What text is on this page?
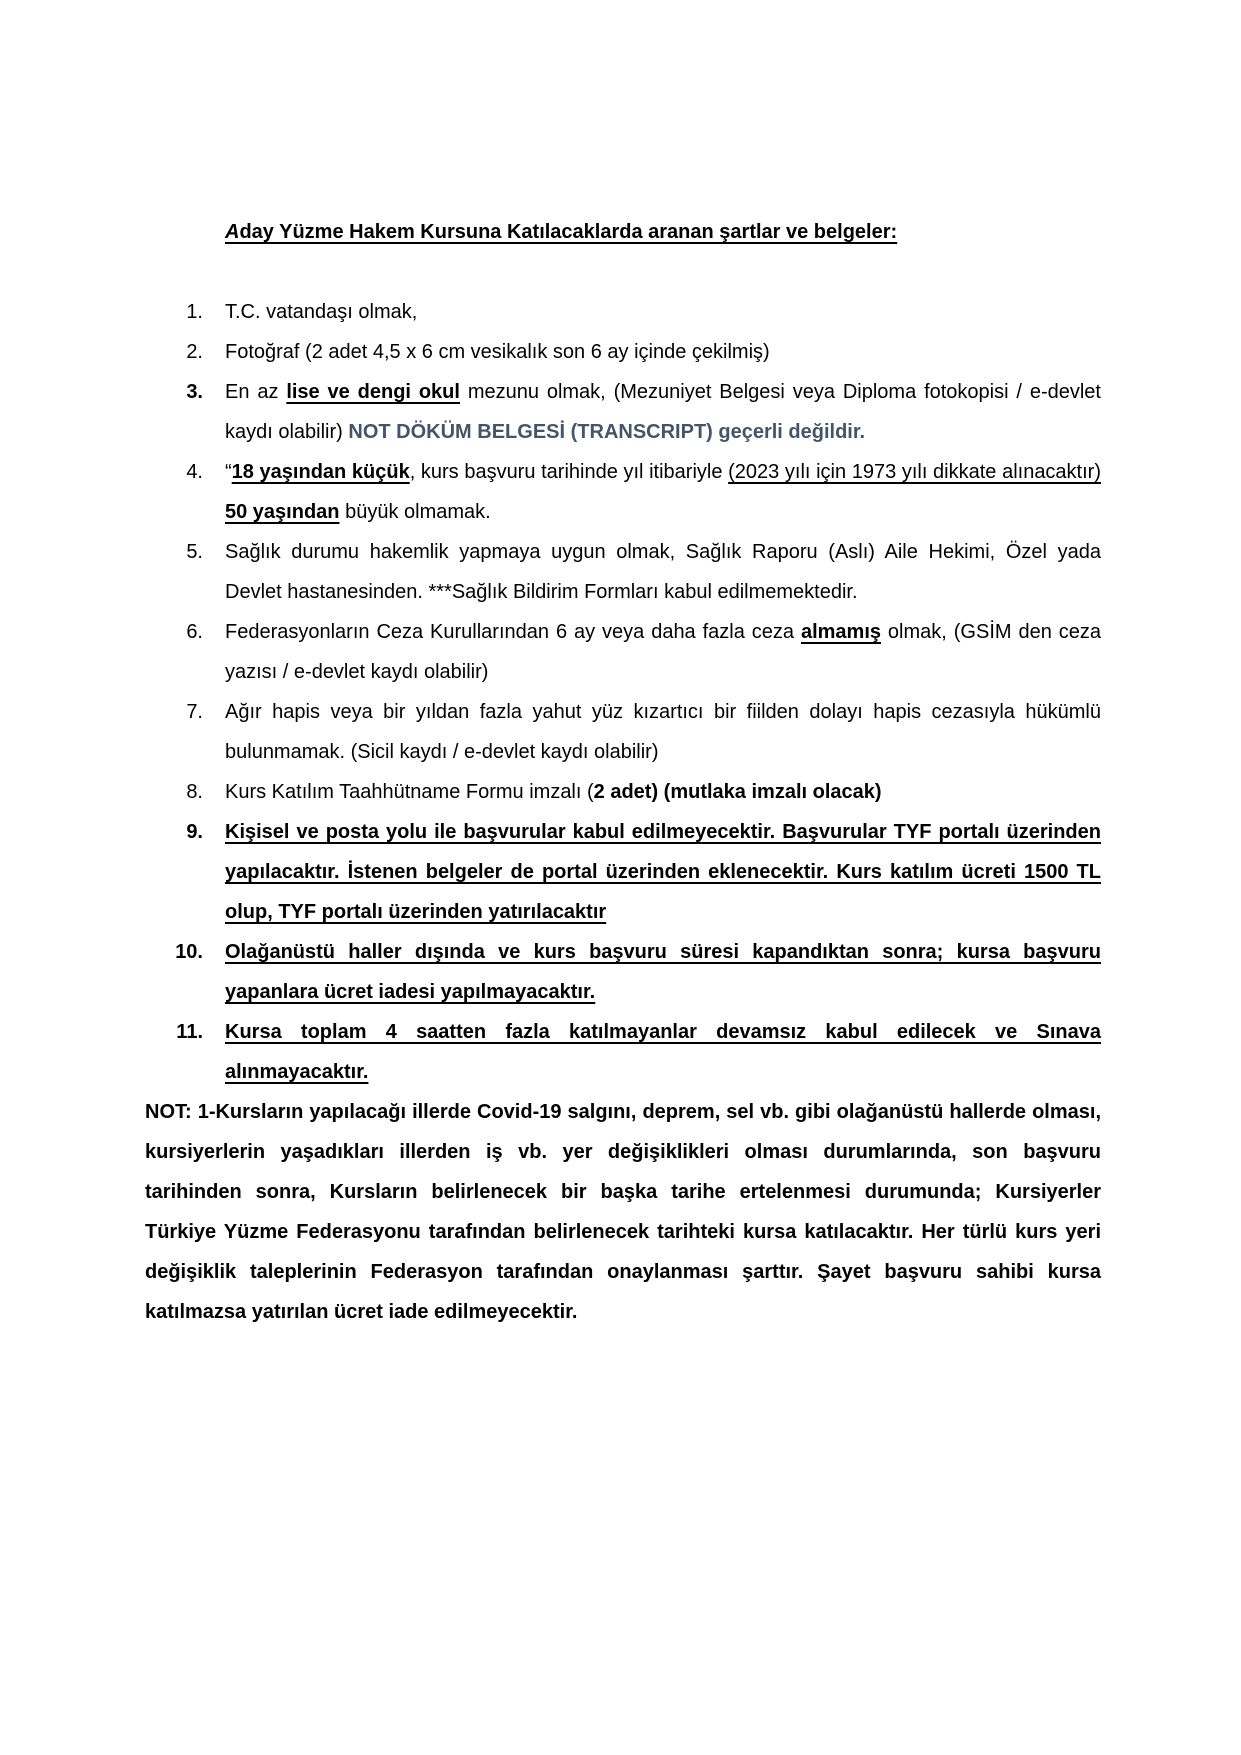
Aday Yüzme Hakem Kursuna Katılacaklarda aranan şartlar ve belgeler:
1. T.C. vatandaşı olmak,
2. Fotoğraf (2 adet 4,5 x 6 cm vesikalık son 6 ay içinde çekilmiş)
3. En az lise ve dengi okul mezunu olmak, (Mezuniyet Belgesi veya Diploma fotokopisi / e-devlet kaydı olabilir) NOT DÖKÜM BELGESİ (TRANSCRIPT) geçerli değildir.
4. “18 yaşından küçük, kurs başvuru tarihinde yıl itibariyle (2023 yılı için 1973 yılı dikkate alınacaktır) 50 yaşından büyük olmamak.
5. Sağlık durumu hakemlik yapmaya uygun olmak, Sağlık Raporu (Aslı) Aile Hekimi, Özel yada Devlet hastanesinden. ***Sağlık Bildirim Formları kabul edilmemektedir.
6. Federasyonların Ceza Kurullarından 6 ay veya daha fazla ceza almamış olmak, (GSİM den ceza yazısı / e-devlet kaydı olabilir)
7. Ağır hapis veya bir yıldan fazla yahut yüz kızartıcı bir fiilden dolayı hapis cezasıyla hükümlü bulunmamak. (Sicil kaydı / e-devlet kaydı olabilir)
8. Kurs Katılım Taahhütname Formu imzalı (2 adet) (mutlaka imzalı olacak)
9. Kişisel ve posta yolu ile başvurular kabul edilmeyecektir. Başvurular TYF portalı üzerinden yapılacaktır. İstenen belgeler de portal üzerinden eklenecektir. Kurs katılım ücreti 1500 TL olup, TYF portalı üzerinden yatırılacaktır
10. Olağanüstü haller dışında ve kurs başvuru süresi kapandıktan sonra; kursa başvuru yapanlara ücret iadesi yapılmayacaktır.
11. Kursa toplam 4 saatten fazla katılmayanlar devamsız kabul edilecek ve Sınava alınmayacaktır.

NOT: 1-Kursların yapılacağı illerde Covid-19 salgını, deprem, sel vb. gibi olağanüstü hallerde olması, kursiyerlerin yaşadıkları illerden iş vb. yer değişiklikleri olması durumlarında, son başvuru tarihinden sonra, Kursların belirlenecek bir başka tarihe ertelenmesi durumunda; Kursiyerler Türkiye Yüzme Federasyonu tarafından belirlenecek tarihteki kursa katılacaktır. Her türlü kurs yeri değişiklik taleplerinin Federasyon tarafından onaylanması şarttır. Şayet başvuru sahibi kursa katılmazsa yatırılan ücret iade edilmeyecektir.
